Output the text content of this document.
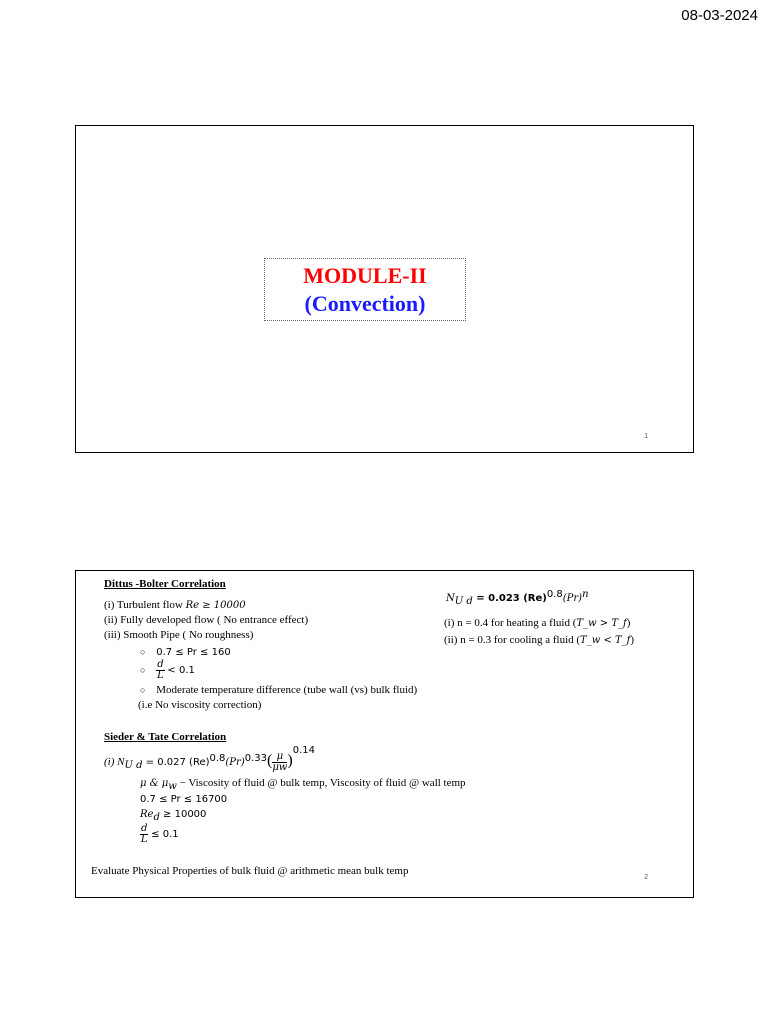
08-03-2024
MODULE-II
(Convection)
1
Dittus -Bolter Correlation
(i) Turbulent flow Re ≥ 10000
(ii) Fully developed flow ( No entrance effect)
(iii) Smooth Pipe ( No roughness)
○ 0.7 ≤ Pr ≤ 160
○ $\frac{d}{L} < 0.1$
○ Moderate temperature difference (tube wall (vs) bulk fluid)
(i.e No viscosity correction)
$N_{U d} = 0.023$ $(Re)^{0.8}(Pr)^n$
(i) n = 0.4 for heating a fluid (T_w > T_f)
(ii) n = 0.3 for cooling a fluid (T_w < T_f)
Sieder & Tate Correlation
(i) $N_{U d} = 0.027$ $(Re)^{0.8}(Pr)^{0.33}( \frac{\mu}{\mu w} )^{0.14}$
μ & $\mu_w$ − Viscosity of fluid @ bulk temp, Viscosity of fluid @ wall temp
0.7 ≤ Pr ≤ 16700
$Re_d \ge 10000$
$\frac{d}{L} \le 0.1$
Evaluate Physical Properties of bulk fluid @ arithmetic mean bulk temp
2
